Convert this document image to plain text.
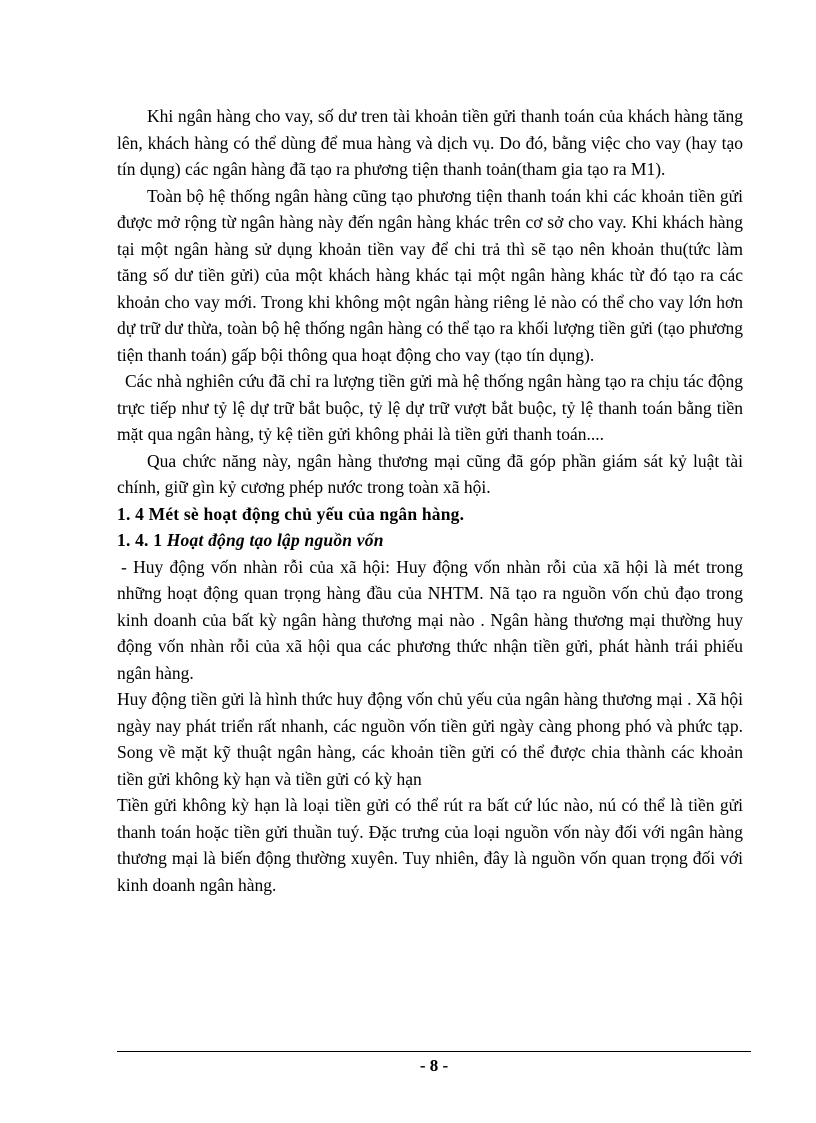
Khi ngân hàng cho vay, số dư tren tài khoản tiền gửi thanh toán của khách hàng tăng lên, khách hàng có thể dùng để mua hàng và dịch vụ. Do đó, bằng việc cho vay (hay tạo tín dụng) các ngân hàng đã tạo ra phương tiện thanh toản(tham gia tạo ra M1).

Toàn bộ hệ thống ngân hàng cũng tạo phương tiện thanh toán khi các khoản tiền gửi được mở rộng từ ngân hàng này đến ngân hàng khác trên cơ sở cho vay. Khi khách hàng tại một ngân hàng sử dụng khoản tiền vay để chi trả thì sẽ tạo nên khoản thu(tức làm tăng số dư tiền gửi) của một khách hàng khác tại một ngân hàng khác từ đó tạo ra các khoản cho vay mới. Trong khi không một ngân hàng riêng lẻ nào có thể cho vay lớn hơn dự trữ dư thừa, toàn bộ hệ thống ngân hàng có thể tạo ra khối lượng tiền gửi (tạo phương tiện thanh toán) gấp bội thông qua hoạt động cho vay (tạo tín dụng).

Các nhà nghiên cứu đã chỉ ra lượng tiền gửi mà hệ thống ngân hàng tạo ra chịu tác động trực tiếp như tỷ lệ dự trữ bắt buộc, tỷ lệ dự trữ vượt bắt buộc, tỷ lệ thanh toán bằng tiền mặt qua ngân hàng, tỷ kệ tiền gửi không phải là tiền gửi thanh toán....

Qua chức năng này, ngân hàng thương mại cũng đã góp phần giám sát kỷ luật tài chính, giữ gìn kỷ cương phép nước trong toàn xã hội.

1. 4 Mét sè hoạt động chủ yếu của ngân hàng.

1. 4. 1 Hoạt động tạo lập nguồn vốn

- Huy động vốn nhàn rỗi của xã hội: Huy động vốn nhàn rỗi của xã hội là mét trong những hoạt động quan trọng hàng đầu của NHTM. Nã tạo ra nguồn vốn chủ đạo trong kinh doanh của bất kỳ ngân hàng thương mại nào . Ngân hàng thương mại thường huy động vốn nhàn rỗi của xã hội qua các phương thức nhận tiền gửi, phát hành trái phiếu ngân hàng.

Huy động tiền gửi là hình thức huy động vốn chủ yếu của ngân hàng thương mại . Xã hội ngày nay phát triển rất nhanh, các nguồn vốn tiền gửi ngày càng phong phó và phức tạp. Song về mặt kỹ thuật ngân hàng, các khoản tiền gửi có thể được chia thành các khoản tiền gửi không kỳ hạn và tiền gửi có kỳ hạn

Tiền gửi không kỳ hạn là loại tiền gửi có thể rút ra bất cứ lúc nào, nú có thể là tiền gửi thanh toán hoặc tiền gửi thuần tuý. Đặc trưng của loại nguồn vốn này đối với ngân hàng thương mại là biến động thường xuyên. Tuy nhiên, đây là nguồn vốn quan trọng đối với kinh doanh ngân hàng.

- 8 -
